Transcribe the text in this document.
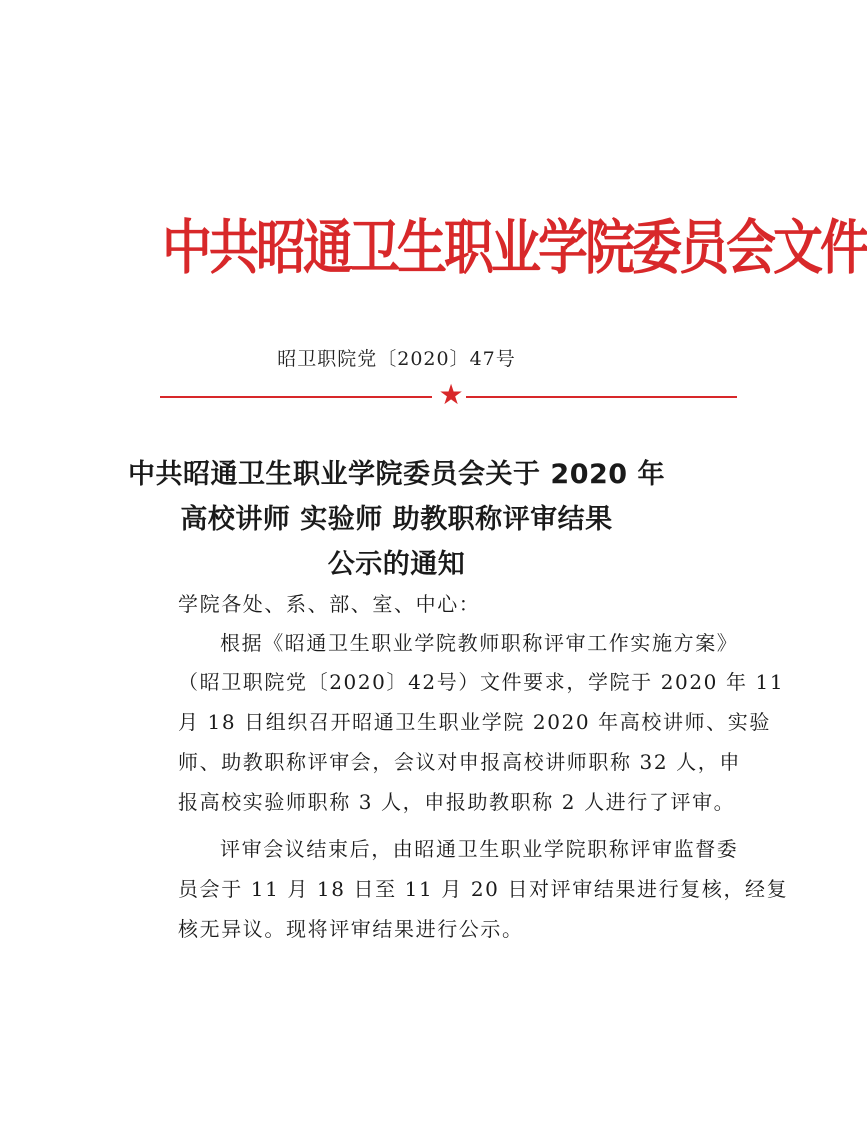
中共昭通卫生职业学院委员会文件
昭卫职院党〔2020〕47号
★
中共昭通卫生职业学院委员会关于 2020 年
高校讲师 实验师 助教职称评审结果
公示的通知
学院各处、系、部、室、中心：
根据《昭通卫生职业学院教师职称评审工作实施方案》
（昭卫职院党〔2020〕42号）文件要求，学院于 2020 年 11
月 18 日组织召开昭通卫生职业学院 2020 年高校讲师、实验
师、助教职称评审会，会议对申报高校讲师职称 32 人，申
报高校实验师职称 3 人，申报助教职称 2 人进行了评审。
评审会议结束后，由昭通卫生职业学院职称评审监督委
员会于 11 月 18 日至 11 月 20 日对评审结果进行复核，经复
核无异议。现将评审结果进行公示。
